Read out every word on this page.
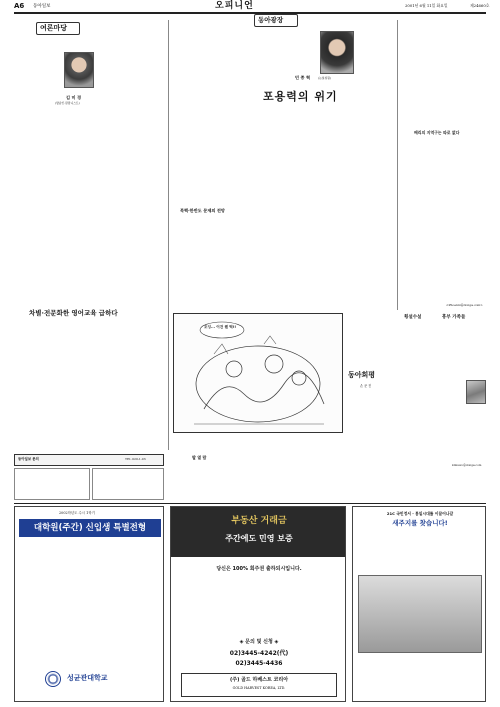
A6 동아일보	오피니언	2001년 6월 11일 화요일	제24660호
여론마당
김 미 경
(방송인·칼럼니스트)
차별·전문화한 영어교육 급하다
북핵·한반도 문제의 전망
동아광장
민 종 혁	(논설위원)
포용력의 위기
배리의 지역구는 따로 없다
<Phoenix@donga.com>
오잉... 이건 웬 떡!!
동아희평
손 문 진
횡설수설	흥부 가족들
kimuwo@donga.com
동아일보 문의	TEL 020-1-03	발 열 람
2002학년도 수시 1학기
대학원(주간) 신입생 특별전형
성균관대학교
부동산 거래금
주간에도 민영 보증
당신은 100% 회주권 출하되시입니다.
◈ 문의 및 신청 ◈
02)3445-4242(代)
02)3445-4436
(주) 골드 하베스트 코리아
GOLD HARVEST KOREA, LTD.
21C 국민정서 - 통일시대를 이끌어나갈
새주지를 찾습니다!
